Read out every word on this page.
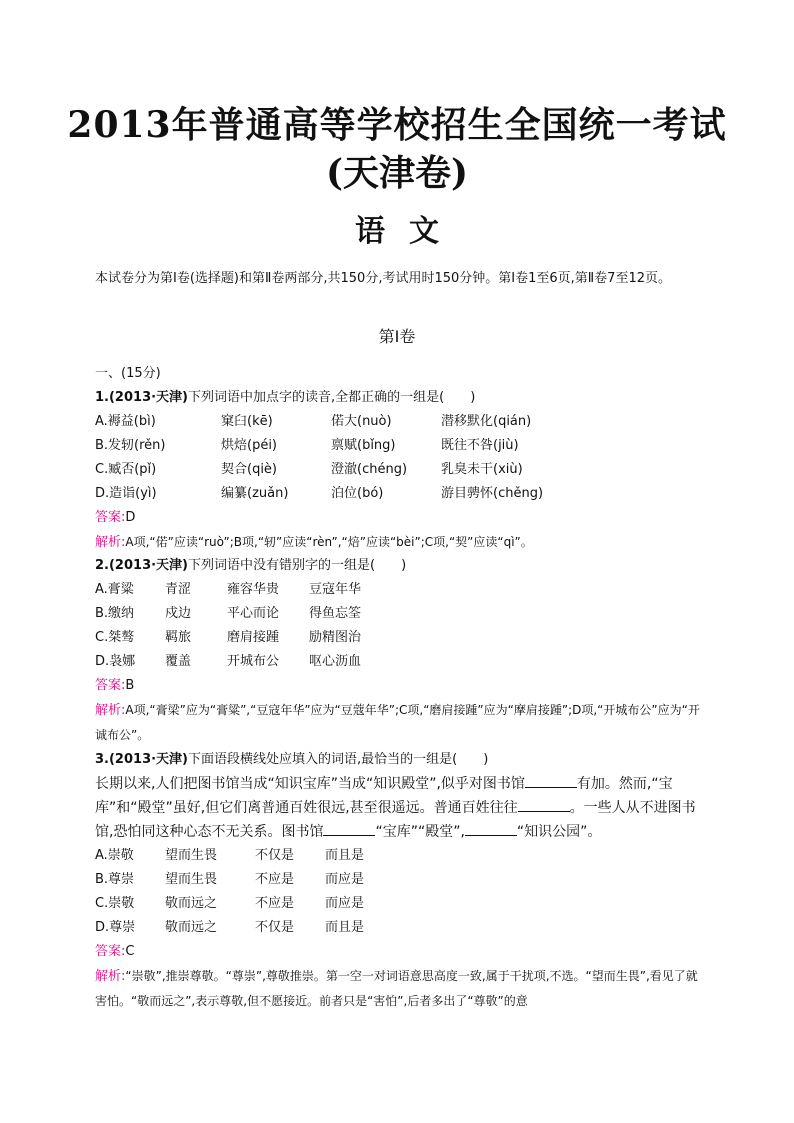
2013年普通高等学校招生全国统一考试
(天津卷)
语文
本试卷分为第Ⅰ卷(选择题)和第Ⅱ卷两部分,共150分,考试用时150分钟。第Ⅰ卷1至6页,第Ⅱ卷7至12页。
第Ⅰ卷
一、(15分)
1.(2013·天津)下列词语中加点字的读音,全都正确的一组是(　　)
A.褥益(bì)	窠臼(kē)	偌大(nuò)	潜移默化(qián)
B.发轫(rěn)	烘焙(péi)	禀赋(bǐng)	既往不咎(jiù)
C.臧否(pǐ)	契合(qiè)	澄澈(chéng)	乳臭未干(xiù)
D.造诣(yì)	编纂(zuǎn)	泊位(bó)	游目骋怀(chěng)
答案:D
解析:A项,“偌”应读“ruò”;B项,“轫”应读“rèn”,“焙”应读“bèi”;C项,“契”应读“qì”。
2.(2013·天津)下列词语中没有错别字的一组是(　　)
A.膏粱	青涩	雍容华贵	豆寇年华
B.缴纳	戍边	平心而论	得鱼忘筌
C.桀骜	羁旅	磨肩接踵	励精图治
D.袅娜	覆盖	开城布公	呕心沥血
答案:B
解析:A项,“膏梁”应为“膏粱”,“豆寇年华”应为“豆蔻年华”;C项,“磨肩接踵”应为“摩肩接踵”;D项,“开城布公”应为“开诚布公”。
3.(2013·天津)下面语段横线处应填入的词语,最恰当的一组是(　　)
长期以来,人们把图书馆当成“知识宝库”当成“知识殿堂”,似乎对图书馆	有加。然而,“宝库”和“殿堂”虽好,但它们离普通百姓很远,甚至很遥远。普通百姓往往	。一些人从不进图书馆,恐怕同这种心态不无关系。图书馆	“宝库”“殿堂”,	“知识公园”。
A.崇敬	望而生畏	不仅是	而且是
B.尊崇	望而生畏	不应是	而应是
C.崇敬	敬而远之	不应是	而应是
D.尊崇	敬而远之	不仅是	而且是
答案:C
解析:“崇敬”,推崇尊敬。“尊崇”,尊敬推崇。第一空一对词语意思高度一致,属于干扰项,不选。“望而生畏”,看见了就害怕。“敬而远之”,表示尊敬,但不愿接近。前者只是“害怕”,后者多出了“尊敬”的意
